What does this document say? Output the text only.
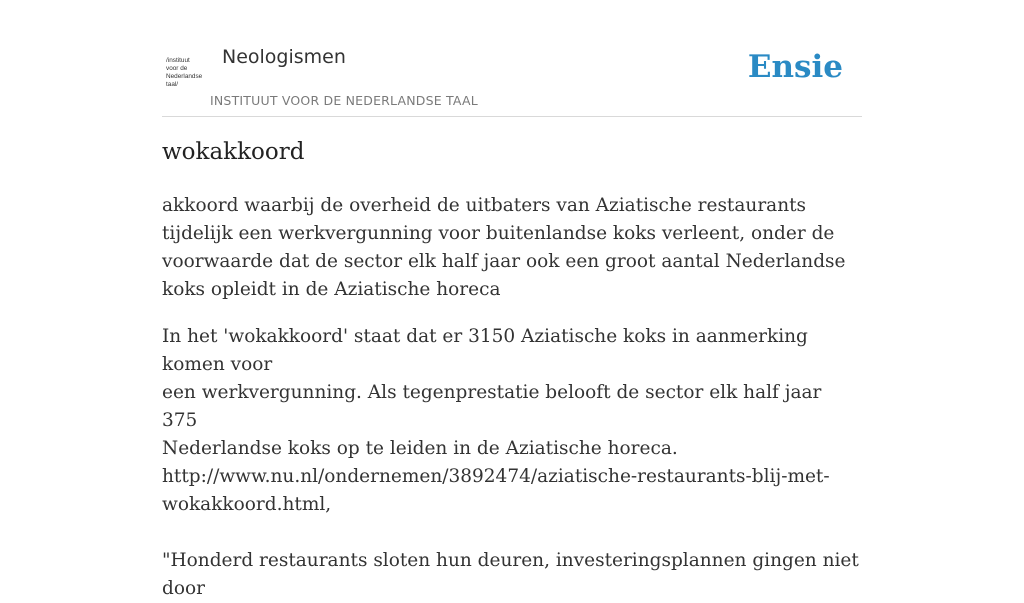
/instituut
voor de
Nederlandse
taal/
Neologismen
INSTITUUT VOOR DE NEDERLANDSE TAAL
Ensie
wokakkoord

akkoord waarbij de overheid de uitbaters van Aziatische restaurants tijdelijk een werkvergunning voor buitenlandse koks verleent, onder de voorwaarde dat de sector elk half jaar ook een groot aantal Nederlandse koks opleidt in de Aziatische horeca

In het 'wokakkoord' staat dat er 3150 Aziatische koks in aanmerking komen voor
een werkvergunning. Als tegenprestatie belooft de sector elk half jaar 375
Nederlandse koks op te leiden in de Aziatische horeca.
http://www.nu.nl/ondernemen/3892474/aziatische-restaurants-blij-met-
wokakkoord.html,
"Honderd restaurants sloten hun deuren, investeringsplannen gingen niet door
